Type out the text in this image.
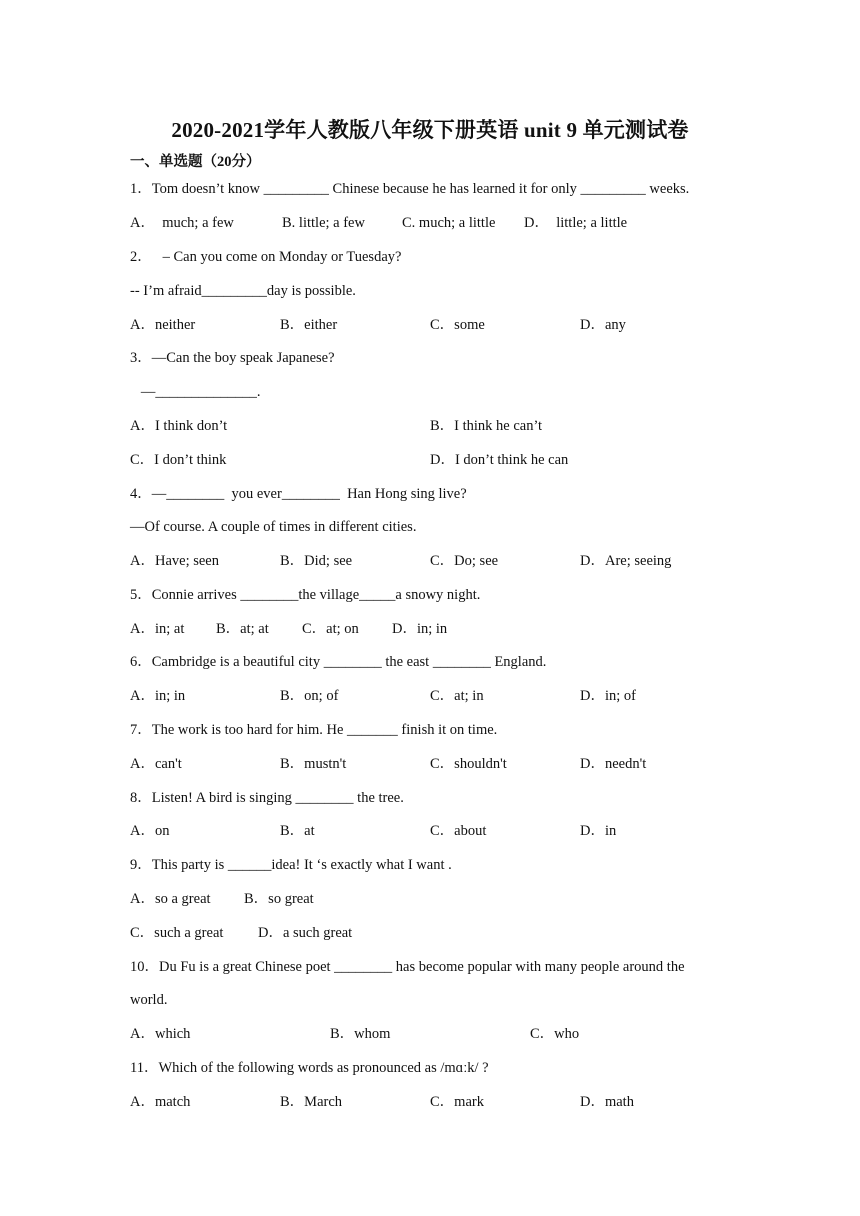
2020-2021学年人教版八年级下册英语 unit 9 单元测试卷
一、单选题（20分）
1．Tom doesn’t know _________ Chinese because he has learned it for only _________ weeks.
A．  much; a few	B. little; a few	C. much; a little D．  little; a little
2．   – Can you come on Monday or Tuesday?
-- I’m afraid_________day is possible.
A．neither	B．either	C．some	D．any
3．—Can the boy speak Japanese?
—______________.
A．I think don’t	B．I think he can’t
C．I don’t think	D．I don’t think he can
4．—________  you ever________  Han Hong sing live?
—Of course. A couple of times in different cities.
A．Have; seen	B．Did; see	C．Do; see	D．Are; seeing
5．Connie arrives ________the village_____a snowy night.
A．in; at B．at; at C．at; on D．in; in
6．Cambridge is a beautiful city ________ the east ________ England.
A．in; in	B．on; of	C．at; in	D．in; of
7．The work is too hard for him. He _______ finish it on time.
A．can't	B．mustn't	C．shouldn't	D．needn't
8．Listen! A bird is singing ________ the tree.
A．on	B．at	C．about	D．in
9．This party is ______idea! It ‘s exactly what I want .
A．so a great B．so great
C．such a great D．a such great
10．Du Fu is a great Chinese poet ________ has become popular with many people around the
world.
A．which	B．whom	C．who
11．Which of the following words as pronounced as /mɑːk/ ?
A．match	B．March	C．mark	D．math
